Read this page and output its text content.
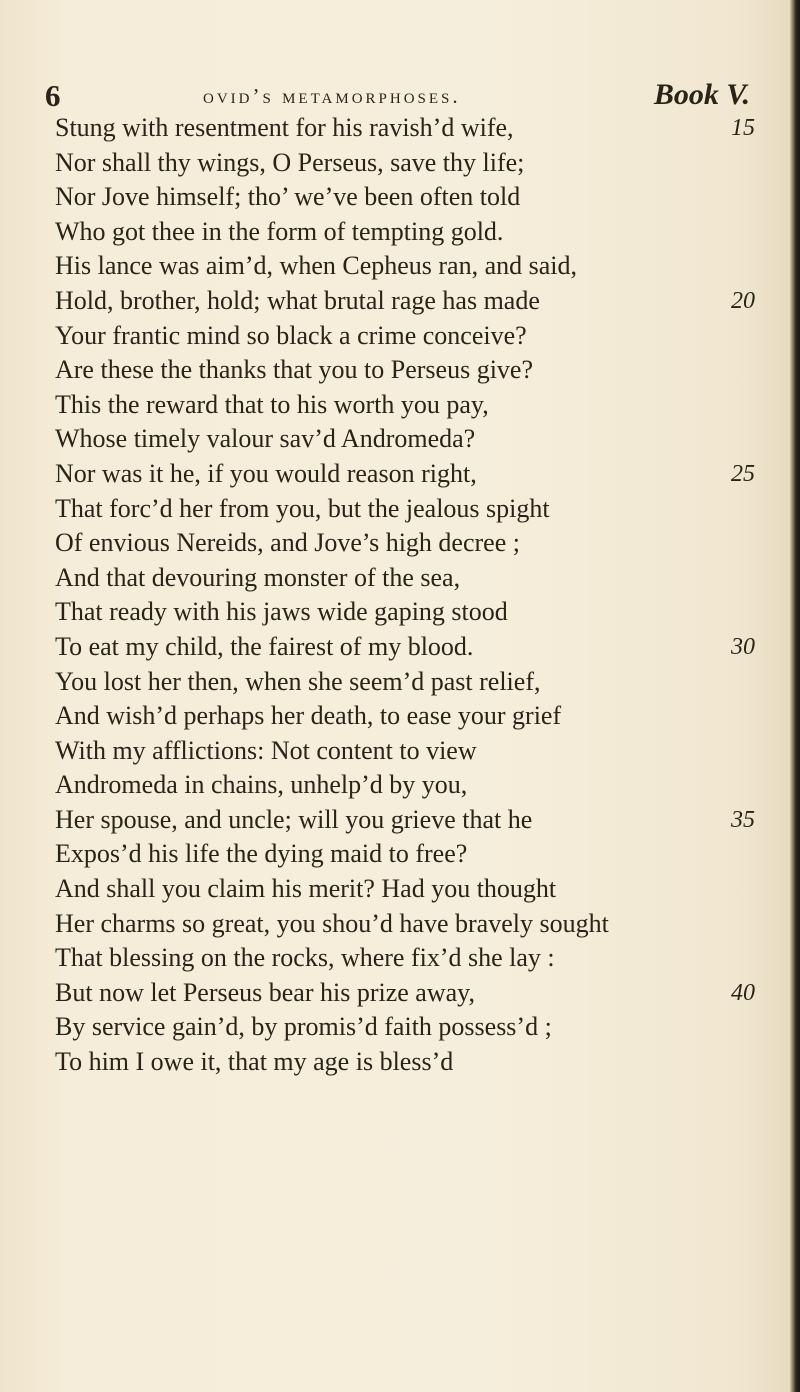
6	ovid’s metamorphoses.	Book V.
Stung with resentment for his ravish’d wife,	15
Nor shall thy wings, O Perseus, save thy life;
Nor Jove himself; tho’ we’ve been often told
Who got thee in the form of tempting gold.
His lance was aim’d, when Cepheus ran, and said,
Hold, brother, hold; what brutal rage has made	20
Your frantic mind so black a crime conceive?
Are these the thanks that you to Perseus give?
This the reward that to his worth you pay,
Whose timely valour sav’d Andromeda?
Nor was it he, if you would reason right,	25
That forc’d her from you, but the jealous spight
Of envious Nereids, and Jove’s high decree ;
And that devouring monster of the sea,
That ready with his jaws wide gaping stood
To eat my child, the fairest of my blood.	30
You lost her then, when she seem’d past relief,
And wish’d perhaps her death, to ease your grief
With my afflictions: Not content to view
Andromeda in chains, unhelp’d by you,
Her spouse, and uncle; will you grieve that he	35
Expos’d his life the dying maid to free?
And shall you claim his merit? Had you thought
Her charms so great, you shou’d have bravely sought
That blessing on the rocks, where fix’d she lay :
But now let Perseus bear his prize away,	40
By service gain’d, by promis’d faith possess’d ;
To him I owe it, that my age is bless’d
